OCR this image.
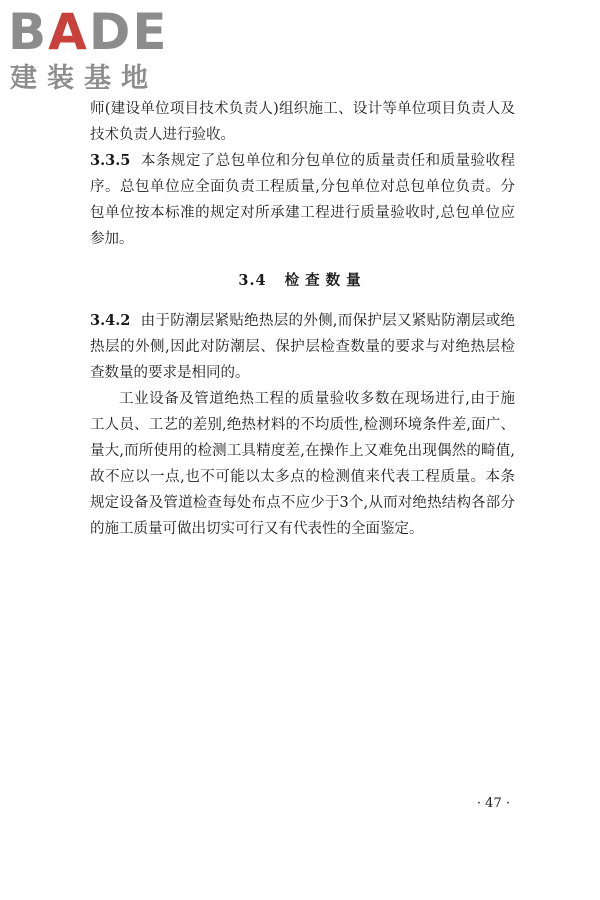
BADE
建装基地

师(建设单位项目技术负责人)组织施工、设计等单位项目负责人及技术负责人进行验收。

3.3.5 本条规定了总包单位和分包单位的质量责任和质量验收程序。总包单位应全面负责工程质量,分包单位对总包单位负责。分包单位按本标准的规定对所承建工程进行质量验收时,总包单位应参加。

3.4 检查数量

3.4.2 由于防潮层紧贴绝热层的外侧,而保护层又紧贴防潮层或绝热层的外侧,因此对防潮层、保护层检查数量的要求与对绝热层检查数量的要求是相同的。

工业设备及管道绝热工程的质量验收多数在现场进行,由于施工人员、工艺的差别,绝热材料的不均质性,检测环境条件差,面广、量大,而所使用的检测工具精度差,在操作上又难免出现偶然的畸值,故不应以一点,也不可能以太多点的检测值来代表工程质量。本条规定设备及管道检查每处布点不应少于3个,从而对绝热结构各部分的施工质量可做出切实可行又有代表性的全面鉴定。

· 47 ·
